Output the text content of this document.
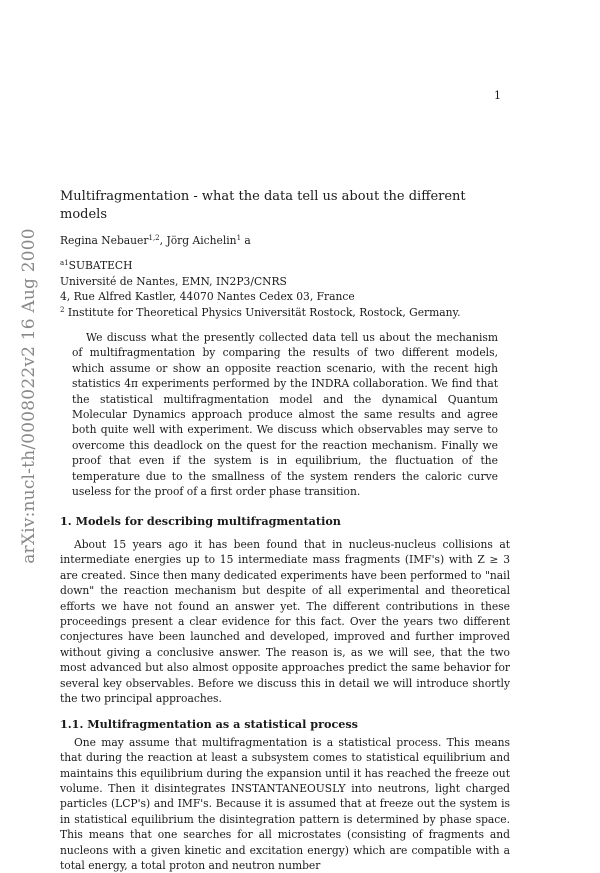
1
arXiv:nucl-th/0008022v2 16 Aug 2000
Multifragmentation - what the data tell us about the different models

Regina Nebauer$^{1,2}$, Jörg Aichelin$^1$ a

$^{a1}$SUBATECH

Université de Nantes, EMN, IN2P3/CNRS

4, Rue Alfred Kastler, 44070 Nantes Cedex 03, France

$^2$ Institute for Theoretical Physics Universität Rostock, Rostock, Germany.

We discuss what the presently collected data tell us about the mechanism of multifragmentation by comparing the results of two different models, which assume or show an opposite reaction scenario, with the recent high statistics 4π experiments performed by the INDRA collaboration. We find that the statistical multifragmentation model and the dynamical Quantum Molecular Dynamics approach produce almost the same results and agree both quite well with experiment. We discuss which observables may serve to overcome this deadlock on the quest for the reaction mechanism. Finally we proof that even if the system is in equilibrium, the fluctuation of the temperature due to the smallness of the system renders the caloric curve useless for the proof of a first order phase transition.

1. Models for describing multifragmentation

About 15 years ago it has been found that in nucleus-nucleus collisions at intermediate energies up to 15 intermediate mass fragments (IMF's) with Z ≥ 3 are created. Since then many dedicated experiments have been performed to "nail down" the reaction mechanism but despite of all experimental and theoretical efforts we have not found an answer yet. The different contributions in these proceedings present a clear evidence for this fact. Over the years two different conjectures have been launched and developed, improved and further improved without giving a conclusive answer. The reason is, as we will see, that the two most advanced but also almost opposite approaches predict the same behavior for several key observables. Before we discuss this in detail we will introduce shortly the two principal approaches.

1.1. Multifragmentation as a statistical process

One may assume that multifragmentation is a statistical process. This means that during the reaction at least a subsystem comes to statistical equilibrium and maintains this equilibrium during the expansion until it has reached the freeze out volume. Then it disintegrates INSTANTANEOUSLY into neutrons, light charged particles (LCP's) and IMF's. Because it is assumed that at freeze out the system is in statistical equilibrium the disintegration pattern is determined by phase space. This means that one searches for all microstates (consisting of fragments and nucleons with a given kinetic and excitation energy) which are compatible with a total energy, a total proton and neutron number
